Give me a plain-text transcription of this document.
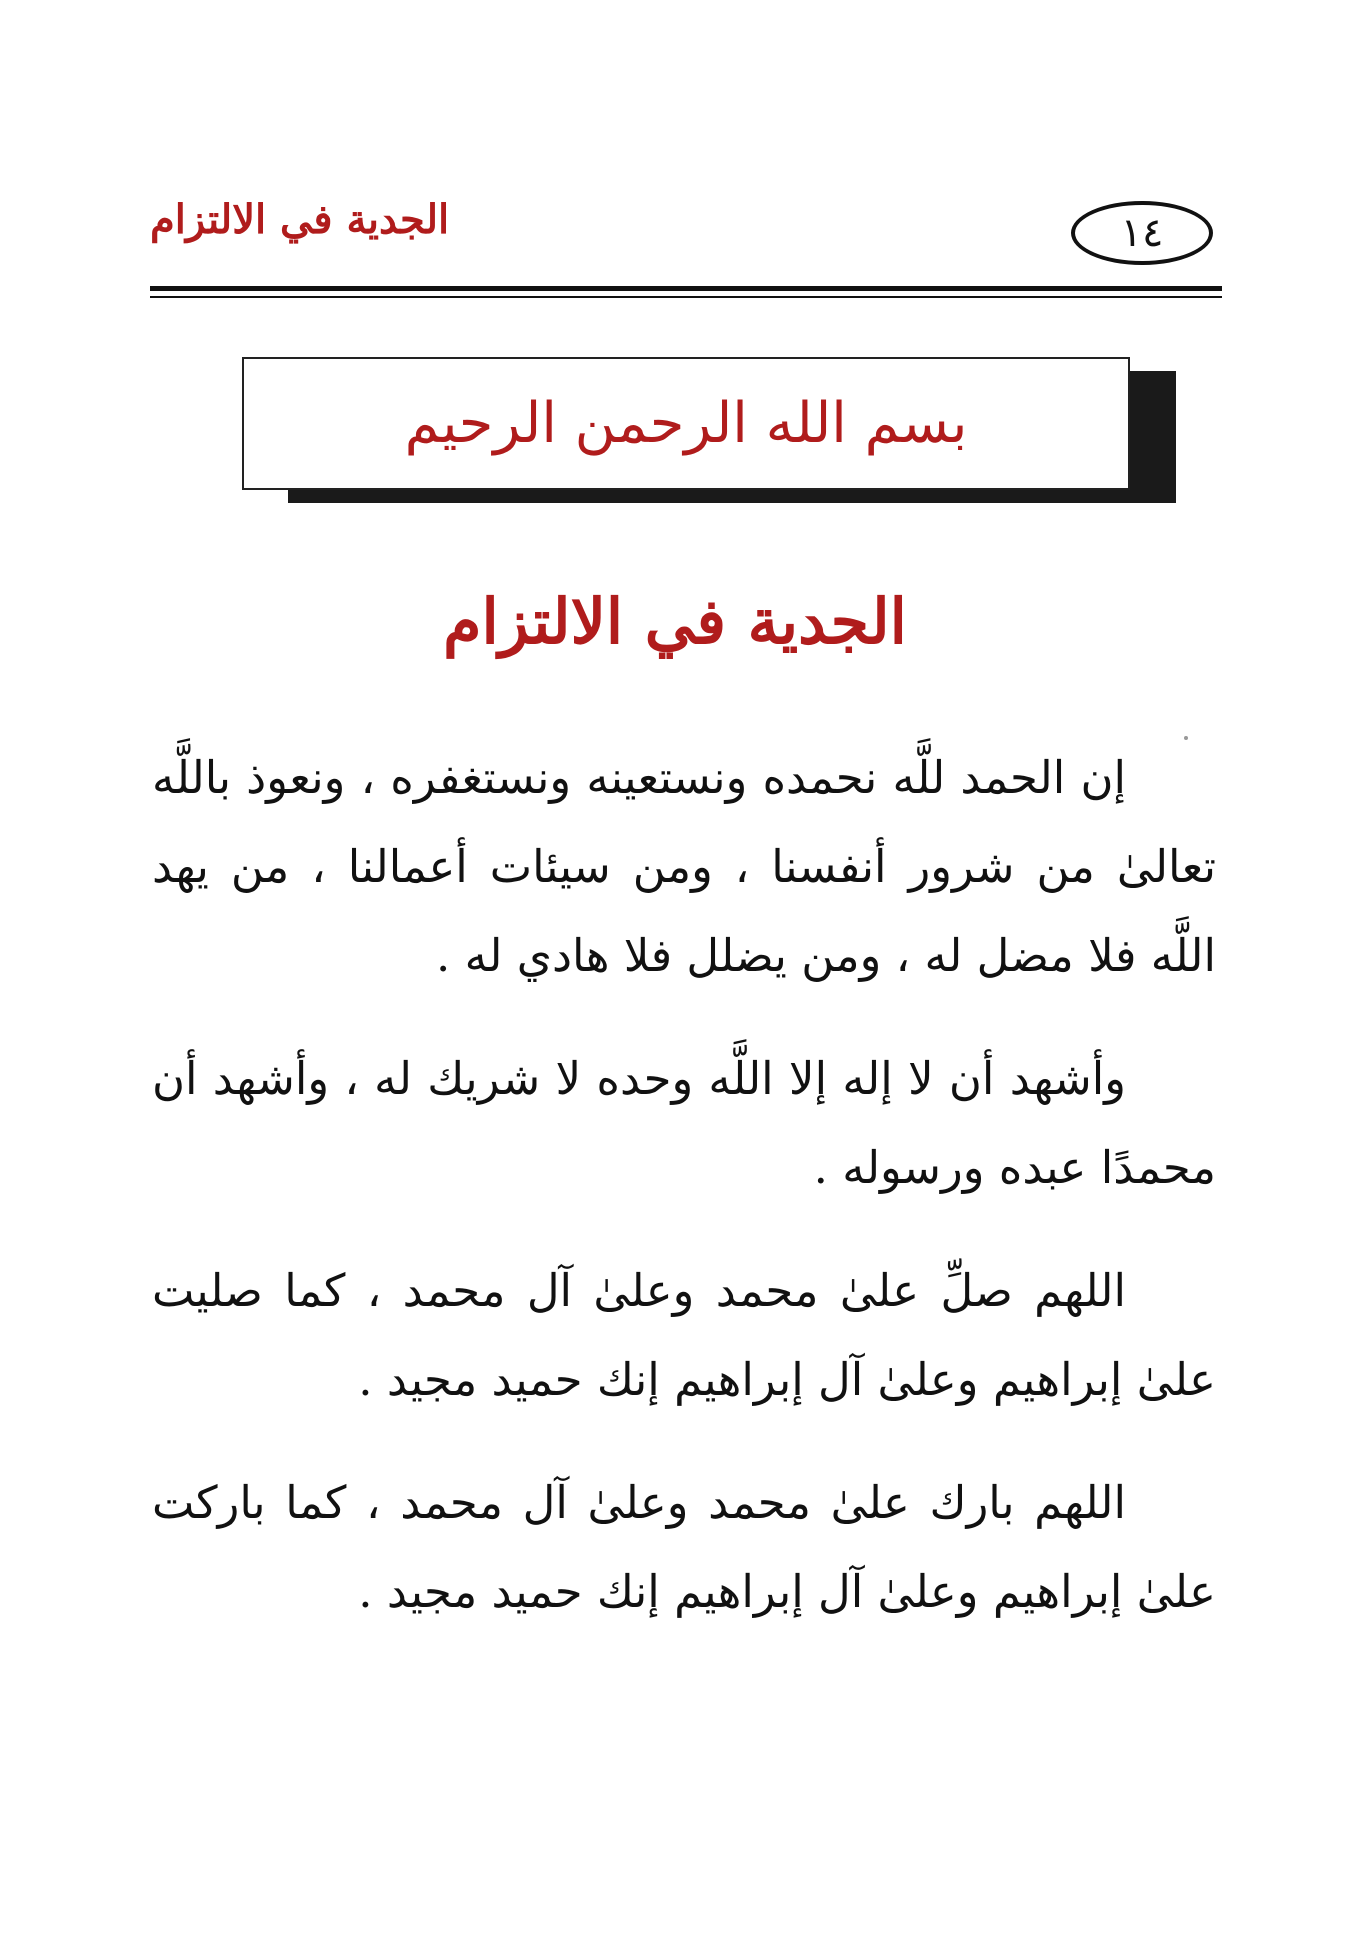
١٤
الجدية في الالتزام
بسم الله الرحمن الرحيم
الجدية في الالتزام

إن الحمد للَّه نحمده ونستعينه ونستغفره ، ونعوذ باللَّه تعالىٰ من شرور أنفسنا ، ومن سيئات أعمالنا ، من يهد اللَّه فلا مضل له ، ومن يضلل فلا هادي له .

وأشهد أن لا إله إلا اللَّه وحده لا شريك له ، وأشهد أن محمدًا عبده ورسوله .

اللهم صلِّ علىٰ محمد وعلىٰ آل محمد ، كما صليت علىٰ إبراهيم وعلىٰ آل إبراهيم إنك حميد مجيد .

اللهم بارك علىٰ محمد وعلىٰ آل محمد ، كما باركت علىٰ إبراهيم وعلىٰ آل إبراهيم إنك حميد مجيد .
